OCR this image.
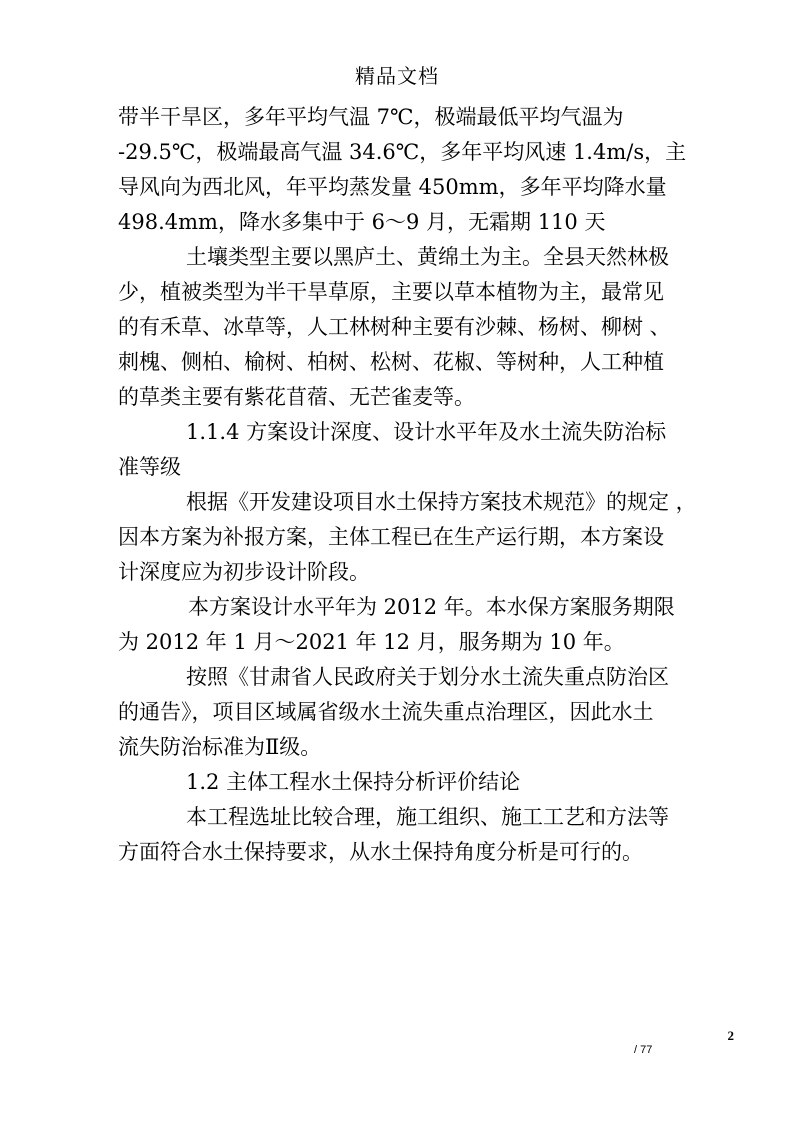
精品文档
带半干旱区，多年平均气温 7℃，极端最低平均气温为
-29.5℃，极端最高气温 34.6℃，多年平均风速 1.4m/s，主
导风向为西北风，年平均蒸发量 450mm，多年平均降水量
498.4mm，降水多集中于 6～9 月，无霜期 110 天
土壤类型主要以黑庐土、黄绵土为主。全县天然林极
少，植被类型为半干旱草原，主要以草本植物为主，最常见
的有禾草、冰草等，人工林树种主要有沙棘、杨树、柳树 、
刺槐、侧柏、榆树、柏树、松树、花椒、等树种，人工种植
的草类主要有紫花苜蓿、无芒雀麦等。
1.1.4 方案设计深度、设计水平年及水土流失防治标
准等级
根据《开发建设项目水土保持方案技术规范》的规定 ，
因本方案为补报方案，主体工程已在生产运行期，本方案设
计深度应为初步设计阶段。
本方案设计水平年为 2012 年。本水保方案服务期限
为 2012 年 1 月～2021 年 12 月，服务期为 10 年。
按照《甘肃省人民政府关于划分水土流失重点防治区
的通告》，项目区域属省级水土流失重点治理区，因此水土
流失防治标准为Ⅱ级。
1.2 主体工程水土保持分析评价结论
本工程选址比较合理，施工组织、施工工艺和方法等
方面符合水土保持要求，从水土保持角度分析是可行的。
2
/ 77
